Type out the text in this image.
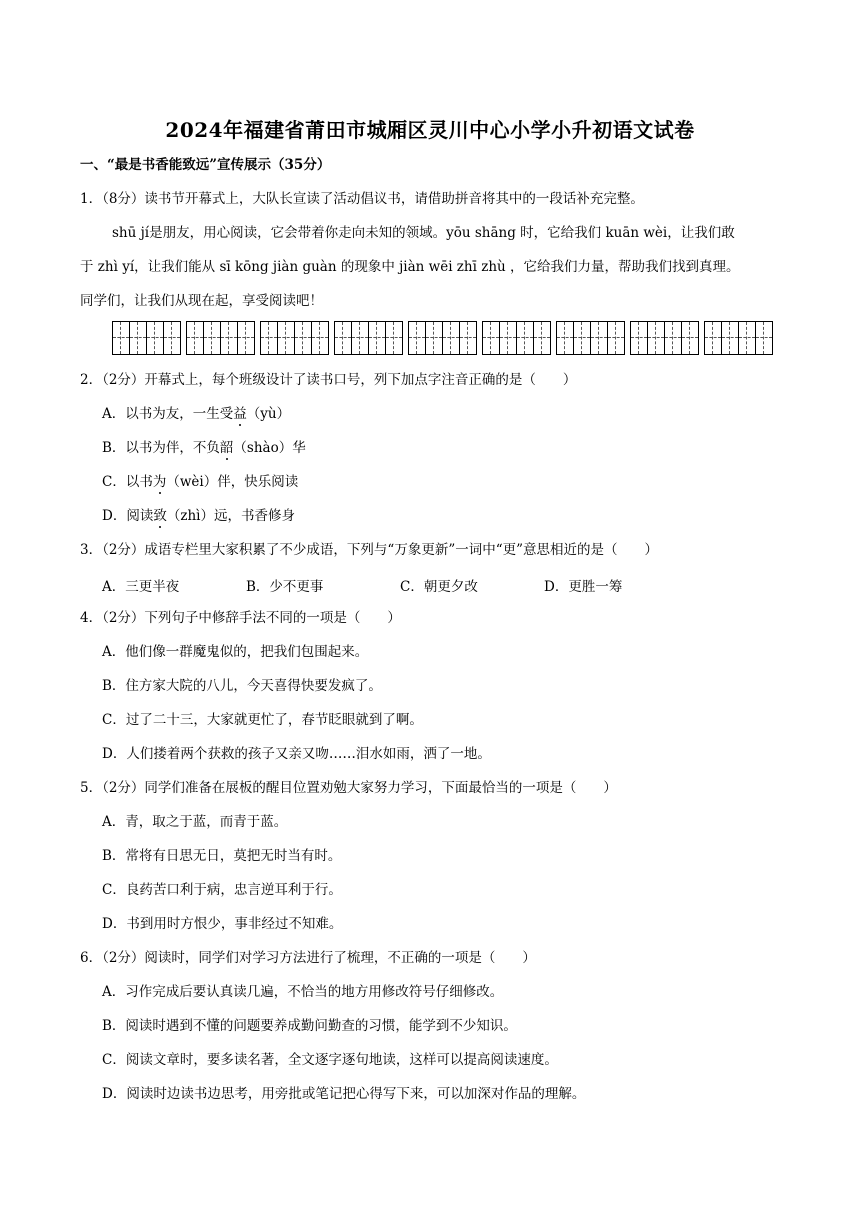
2024年福建省莆田市城厢区灵川中心小学小升初语文试卷
一、“最是书香能致远”宣传展示（35分）
1．（8分）读书节开幕式上，大队长宣读了活动倡议书，请借助拼音将其中的一段话补充完整。
shū jí是朋友，用心阅读，它会带着你走向未知的领域。yōu shāng 时，它给我们 kuān wèi，让我们敢
于 zhì yí，让我们能从 sī kōng jiàn guàn 的现象中 jiàn wēi zhī zhù ，它给我们力量，帮助我们找到真理。
同学们，让我们从现在起，享受阅读吧！
2．（2分）开幕式上，每个班级设计了读书口号，列下加点字注音正确的是（　　）
A．以书为友，一生受益（yù）
B．以书为伴，不负韶（shào）华
C．以书为（wèi）伴，快乐阅读
D．阅读致（zhì）远，书香修身
3．（2分）成语专栏里大家积累了不少成语，下列与“万象更新”一词中“更”意思相近的是（　　）
A．三更半夜	B．少不更事	C．朝更夕改	D．更胜一筹
4．（2分）下列句子中修辞手法不同的一项是（　　）
A．他们像一群魔鬼似的，把我们包围起来。
B．住方家大院的八儿，今天喜得快要发疯了。
C．过了二十三，大家就更忙了，春节眨眼就到了啊。
D．人们搂着两个获救的孩子又亲又吻……泪水如雨，洒了一地。
5．（2分）同学们准备在展板的醒目位置劝勉大家努力学习，下面最恰当的一项是（　　）
A．青，取之于蓝，而青于蓝。
B．常将有日思无日，莫把无时当有时。
C．良药苦口利于病，忠言逆耳利于行。
D．书到用时方恨少，事非经过不知难。
6．（2分）阅读时，同学们对学习方法进行了梳理，不正确的一项是（　　）
A．习作完成后要认真读几遍，不恰当的地方用修改符号仔细修改。
B．阅读时遇到不懂的问题要养成勤问勤查的习惯，能学到不少知识。
C．阅读文章时，要多读名著，全文逐字逐句地读，这样可以提高阅读速度。
D．阅读时边读书边思考，用旁批或笔记把心得写下来，可以加深对作品的理解。
